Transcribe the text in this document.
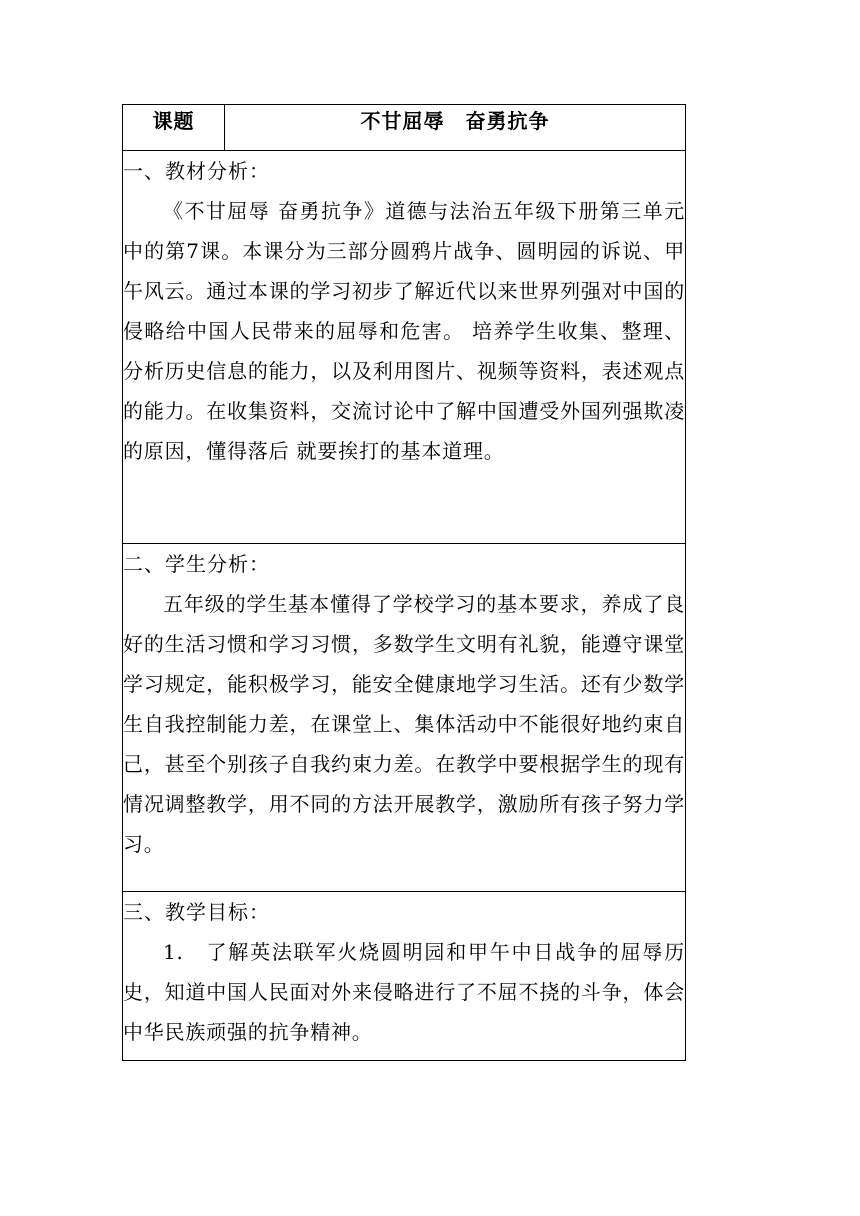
课题	不甘屈辱　奋勇抗争

一、教材分析：

《不甘屈辱 奋勇抗争》道德与法治五年级下册第三单元中的第7课。本课分为三部分圆鸦片战争、圆明园的诉说、甲午风云。通过本课的学习初步了解近代以来世界列强对中国的侵略给中国人民带来的屈辱和危害。 培养学生收集、整理、分析历史信息的能力，以及利用图片、视频等资料，表述观点 的能力。在收集资料，交流讨论中了解中国遭受外国列强欺凌的原因，懂得落后 就要挨打的基本道理。

二、学生分析：

五年级的学生基本懂得了学校学习的基本要求，养成了良好的生活习惯和学习习惯，多数学生文明有礼貌，能遵守课堂学习规定，能积极学习，能安全健康地学习生活。还有少数学生自我控制能力差，在课堂上、集体活动中不能很好地约束自己，甚至个别孩子自我约束力差。在教学中要根据学生的现有情况调整教学，用不同的方法开展教学，激励所有孩子努力学习。

三、教学目标：

1.　了解英法联军火烧圆明园和甲午中日战争的屈辱历史，知道中国人民面对外来侵略进行了不屈不挠的斗争，体会中华民族顽强的抗争精神。
